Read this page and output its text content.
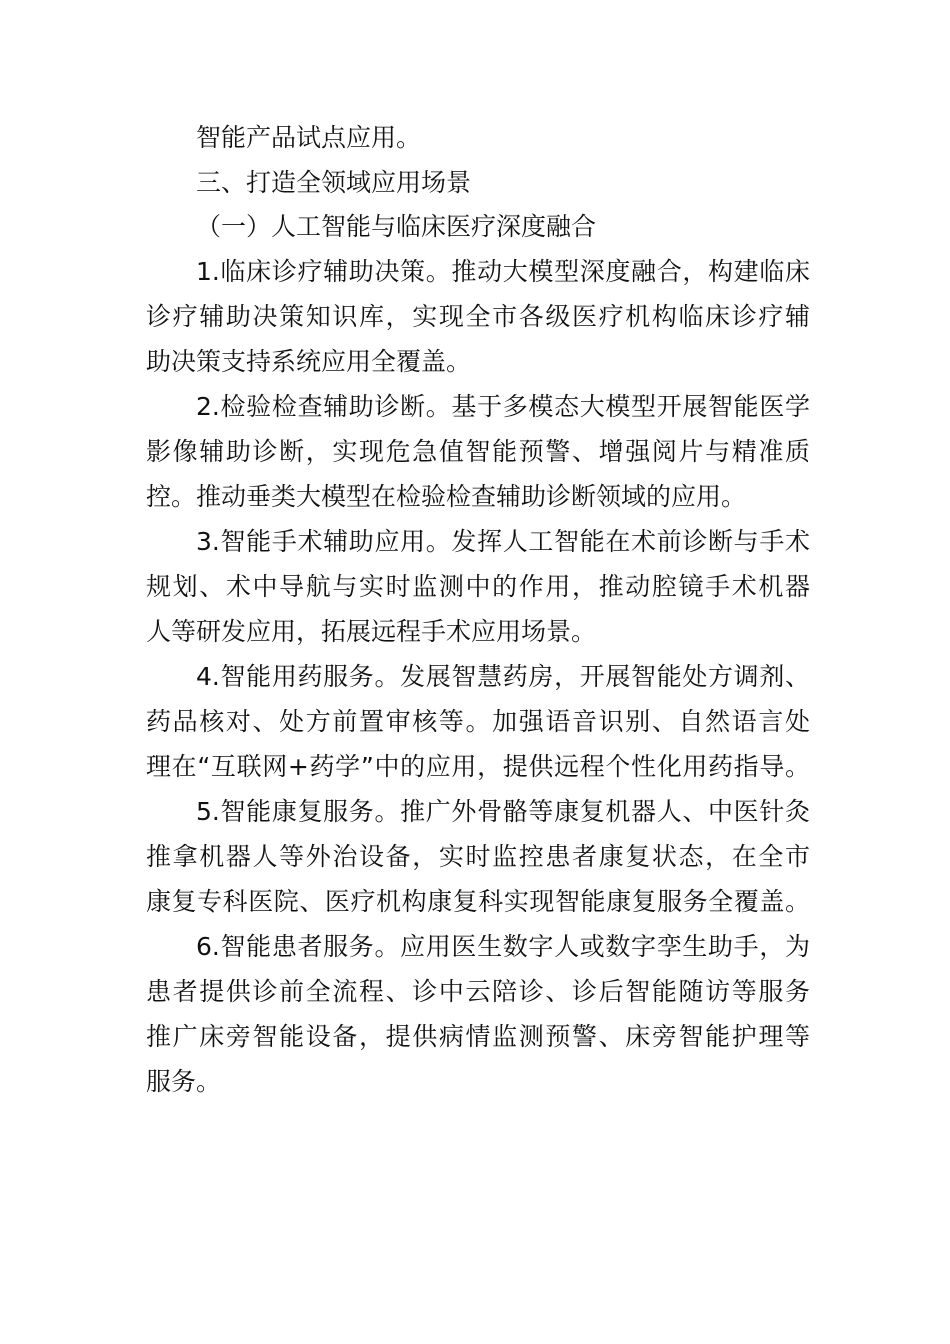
智能产品试点应用。
三、打造全领域应用场景
（一）人工智能与临床医疗深度融合
1.临床诊疗辅助决策。推动大模型深度融合，构建临床
诊疗辅助决策知识库，实现全市各级医疗机构临床诊疗辅
助决策支持系统应用全覆盖。
2.检验检查辅助诊断。基于多模态大模型开展智能医学
影像辅助诊断，实现危急值智能预警、增强阅片与精准质
控。推动垂类大模型在检验检查辅助诊断领域的应用。
3.智能手术辅助应用。发挥人工智能在术前诊断与手术
规划、术中导航与实时监测中的作用，推动腔镜手术机器
人等研发应用，拓展远程手术应用场景。
4.智能用药服务。发展智慧药房，开展智能处方调剂、
药品核对、处方前置审核等。加强语音识别、自然语言处
理在“互联网+药学”中的应用，提供远程个性化用药指导。
5.智能康复服务。推广外骨骼等康复机器人、中医针灸
推拿机器人等外治设备，实时监控患者康复状态，在全市
康复专科医院、医疗机构康复科实现智能康复服务全覆盖。
6.智能患者服务。应用医生数字人或数字孪生助手，为
患者提供诊前全流程、诊中云陪诊、诊后智能随访等服务
推广床旁智能设备，提供病情监测预警、床旁智能护理等
服务。
